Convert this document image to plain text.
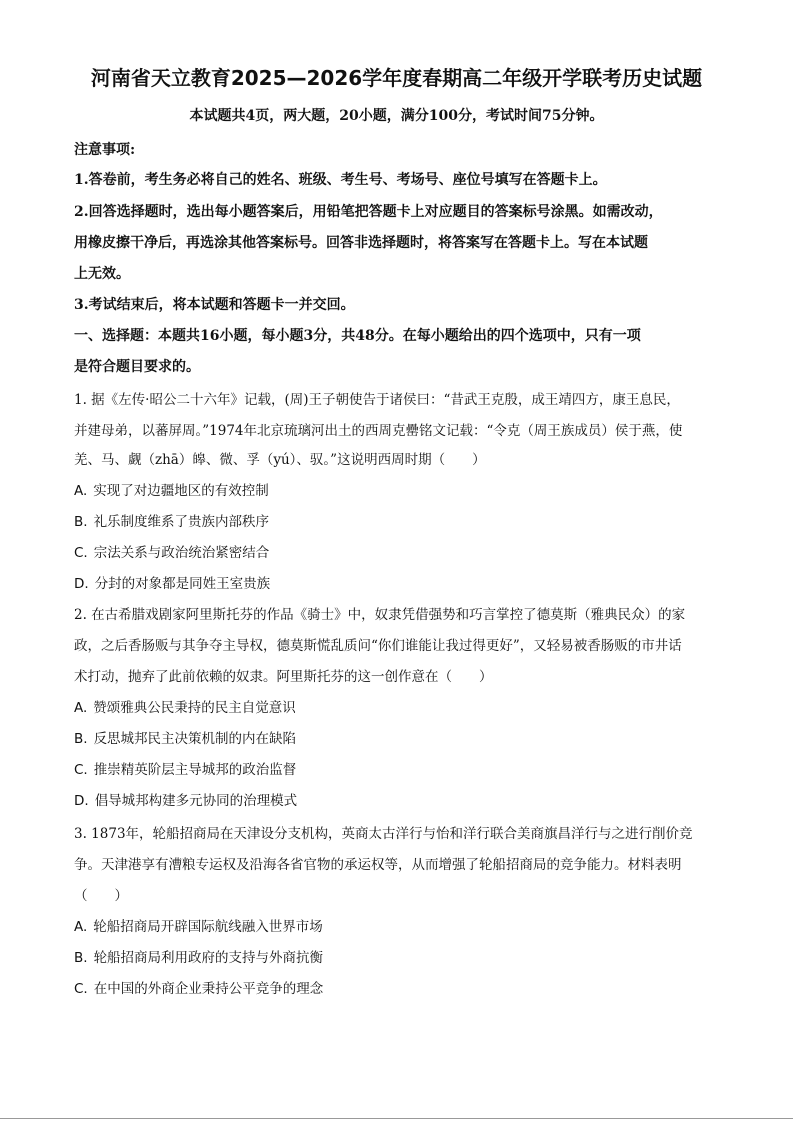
河南省天立教育2025—2026学年度春期高二年级开学联考历史试题
本试题共4页，两大题，20小题，满分100分，考试时间75分钟。
注意事项:
1.答卷前，考生务必将自己的姓名、班级、考生号、考场号、座位号填写在答题卡上。
2.回答选择题时，选出每小题答案后，用铅笔把答题卡上对应题目的答案标号涂黑。如需改动，
用橡皮擦干净后，再选涂其他答案标号。回答非选择题时，将答案写在答题卡上。写在本试题
上无效。
3.考试结束后，将本试题和答题卡一并交回。
一、选择题：本题共16小题，每小题3分，共48分。在每小题给出的四个选项中，只有一项
是符合题目要求的。
1. 据《左传·昭公二十六年》记载，(周)王子朝使告于诸侯曰：“昔武王克殷，成王靖四方，康王息民，
并建母弟，以蕃屏周。”1974年北京琉璃河出土的西周克罍铭文记载：“令克（周王族成员）侯于燕，使
羌、马、觑（zhā）皞、微、孚（yú）、驭。”这说明西周时期（　　）
A. 实现了对边疆地区的有效控制
B. 礼乐制度维系了贵族内部秩序
C. 宗法关系与政治统治紧密结合
D. 分封的对象都是同姓王室贵族
2. 在古希腊戏剧家阿里斯托芬的作品《骑士》中，奴隶凭借强势和巧言掌控了德莫斯（雅典民众）的家
政，之后香肠贩与其争夺主导权，德莫斯慌乱质问“你们谁能让我过得更好”，又轻易被香肠贩的市井话
术打动，抛弃了此前依赖的奴隶。阿里斯托芬的这一创作意在（　　）
A. 赞颂雅典公民秉持的民主自觉意识
B. 反思城邦民主决策机制的内在缺陷
C. 推崇精英阶层主导城邦的政治监督
D. 倡导城邦构建多元协同的治理模式
3. 1873年，轮船招商局在天津设分支机构，英商太古洋行与怡和洋行联合美商旗昌洋行与之进行削价竞
争。天津港享有漕粮专运权及沿海各省官物的承运权等，从而增强了轮船招商局的竞争能力。材料表明
（　　）
A. 轮船招商局开辟国际航线融入世界市场
B. 轮船招商局利用政府的支持与外商抗衡
C. 在中国的外商企业秉持公平竞争的理念
